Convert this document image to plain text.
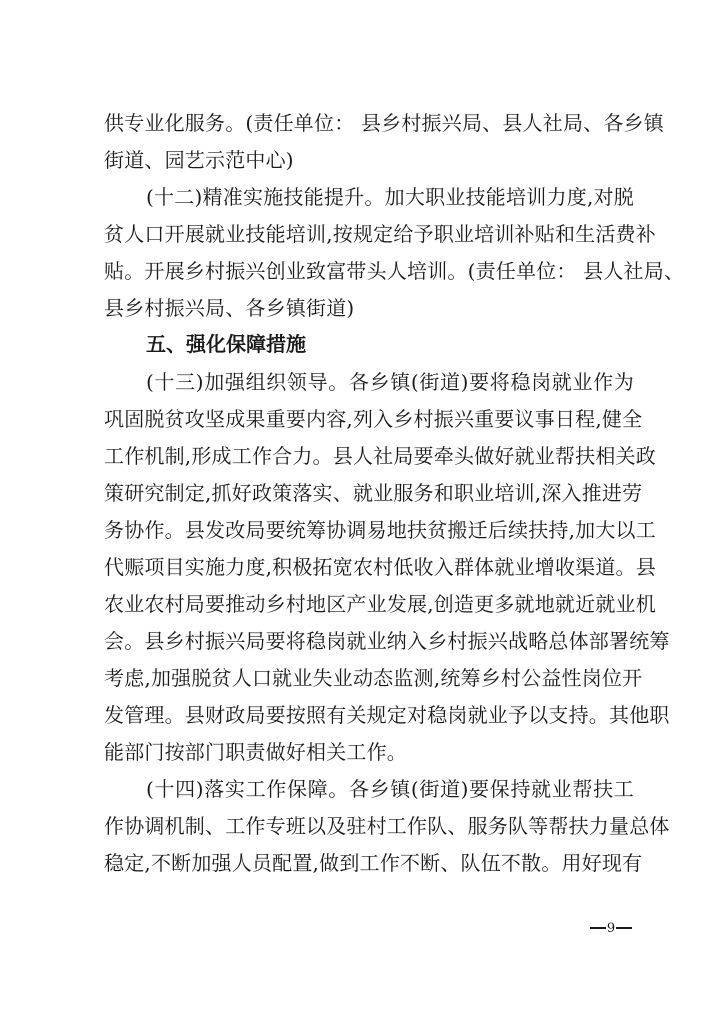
供专业化服务。(责任单位： 县乡村振兴局、县人社局、各乡镇
街道、园艺示范中心)
(十二)精准实施技能提升。加大职业技能培训力度,对脱
贫人口开展就业技能培训,按规定给予职业培训补贴和生活费补
贴。开展乡村振兴创业致富带头人培训。(责任单位： 县人社局、
县乡村振兴局、各乡镇街道)
五、强化保障措施
(十三)加强组织领导。各乡镇(街道)要将稳岗就业作为
巩固脱贫攻坚成果重要内容,列入乡村振兴重要议事日程,健全
工作机制,形成工作合力。县人社局要牵头做好就业帮扶相关政
策研究制定,抓好政策落实、就业服务和职业培训,深入推进劳
务协作。县发改局要统筹协调易地扶贫搬迁后续扶持,加大以工
代赈项目实施力度,积极拓宽农村低收入群体就业增收渠道。县
农业农村局要推动乡村地区产业发展,创造更多就地就近就业机
会。县乡村振兴局要将稳岗就业纳入乡村振兴战略总体部署统筹
考虑,加强脱贫人口就业失业动态监测,统筹乡村公益性岗位开
发管理。县财政局要按照有关规定对稳岗就业予以支持。其他职
能部门按部门职责做好相关工作。
(十四)落实工作保障。各乡镇(街道)要保持就业帮扶工
作协调机制、工作专班以及驻村工作队、服务队等帮扶力量总体
稳定,不断加强人员配置,做到工作不断、队伍不散。用好现有
9
